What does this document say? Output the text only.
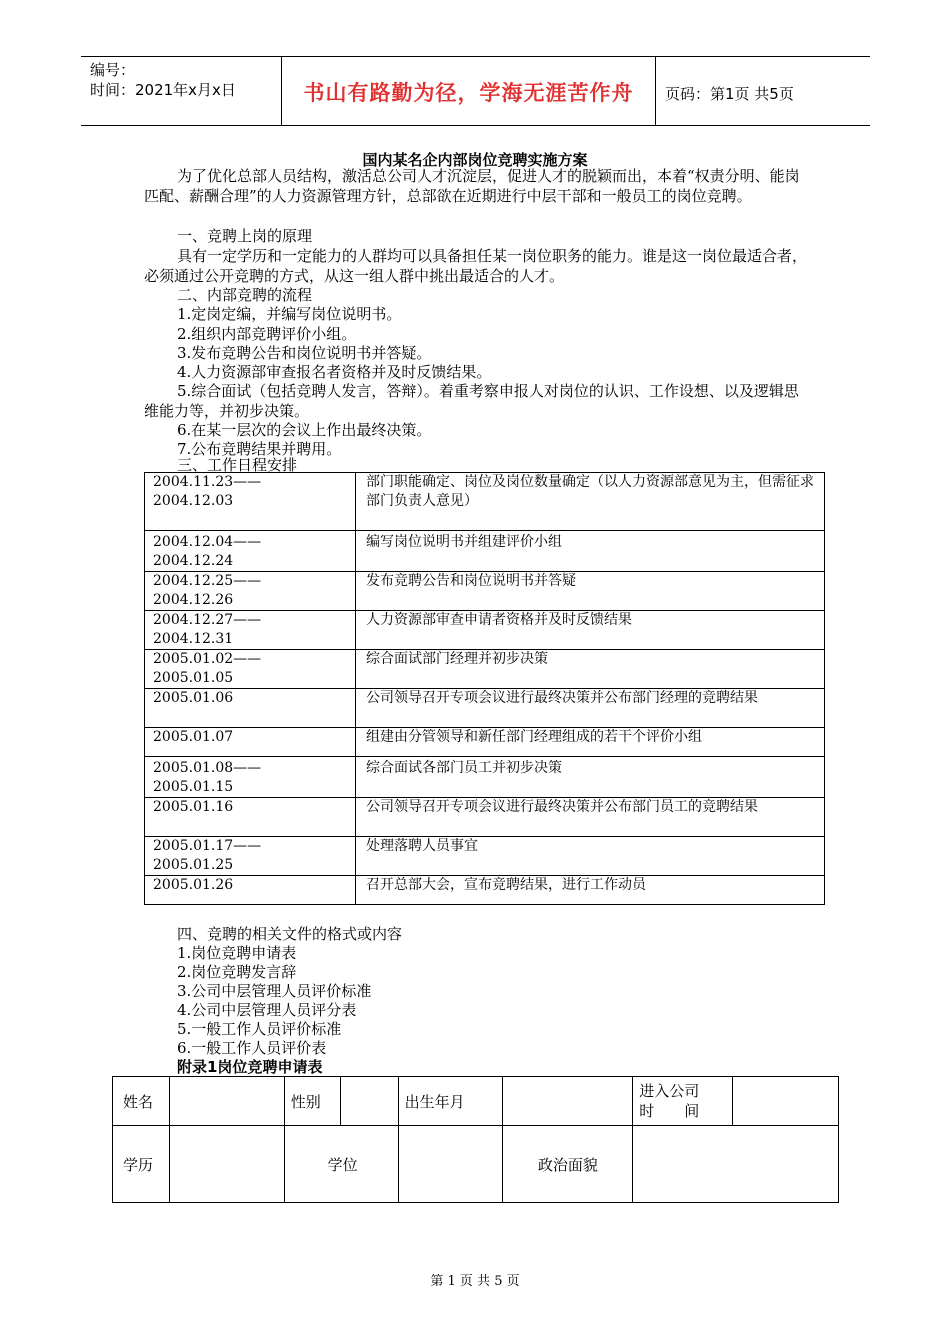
编号：
时间：2021年x月x日	书山有路勤为径，学海无涯苦作舟	页码：第1页 共5页
国内某名企内部岗位竞聘实施方案
为了优化总部人员结构，激活总公司人才沉淀层，促进人才的脱颖而出，本着“权责分明、能岗匹配、薪酬合理”的人力资源管理方针，总部欲在近期进行中层干部和一般员工的岗位竞聘。
一、竞聘上岗的原理
具有一定学历和一定能力的人群均可以具备担任某一岗位职务的能力。谁是这一岗位最适合者，必须通过公开竞聘的方式，从这一组人群中挑出最适合的人才。
二、内部竞聘的流程
1.定岗定编，并编写岗位说明书。
2.组织内部竞聘评价小组。
3.发布竞聘公告和岗位说明书并答疑。
4.人力资源部审查报名者资格并及时反馈结果。
5.综合面试（包括竞聘人发言，答辩）。着重考察申报人对岗位的认识、工作设想、以及逻辑思维能力等，并初步决策。
6.在某一层次的会议上作出最终决策。
7.公布竞聘结果并聘用。
三、工作日程安排
2004.11.23——
2004.12.03	部门职能确定、岗位及岗位数量确定（以人力资源部意见为主，但需征求部门负责人意见）

2004.12.04——
2004.12.24	编写岗位说明书并组建评价小组

2004.12.25——
2004.12.26	发布竞聘公告和岗位说明书并答疑

2004.12.27——
2004.12.31	人力资源部审查申请者资格并及时反馈结果

2005.01.02——
2005.01.05	综合面试部门经理并初步决策
2005.01.06	公司领导召开专项会议进行最终决策并公布部门经理的竞聘结果
2005.01.07	组建由分管领导和新任部门经理组成的若干个评价小组

2005.01.08——
2005.01.15	综合面试各部门员工并初步决策

2005.01.16	公司领导召开专项会议进行最终决策并公布部门员工的竞聘结果

2005.01.17——
2005.01.25	处理落聘人员事宜
2005.01.26	召开总部大会，宣布竞聘结果，进行工作动员
四、竞聘的相关文件的格式或内容
1.岗位竞聘申请表
2.岗位竞聘发言辞
3.公司中层管理人员评价标准
4.公司中层管理人员评分表
5.一般工作人员评价标准
6.一般工作人员评价表
附录1岗位竞聘申请表
姓名		性别		出生年月		进入公司
时　　间	

学历		学位			政治面貌		
第 1 页 共 5 页
